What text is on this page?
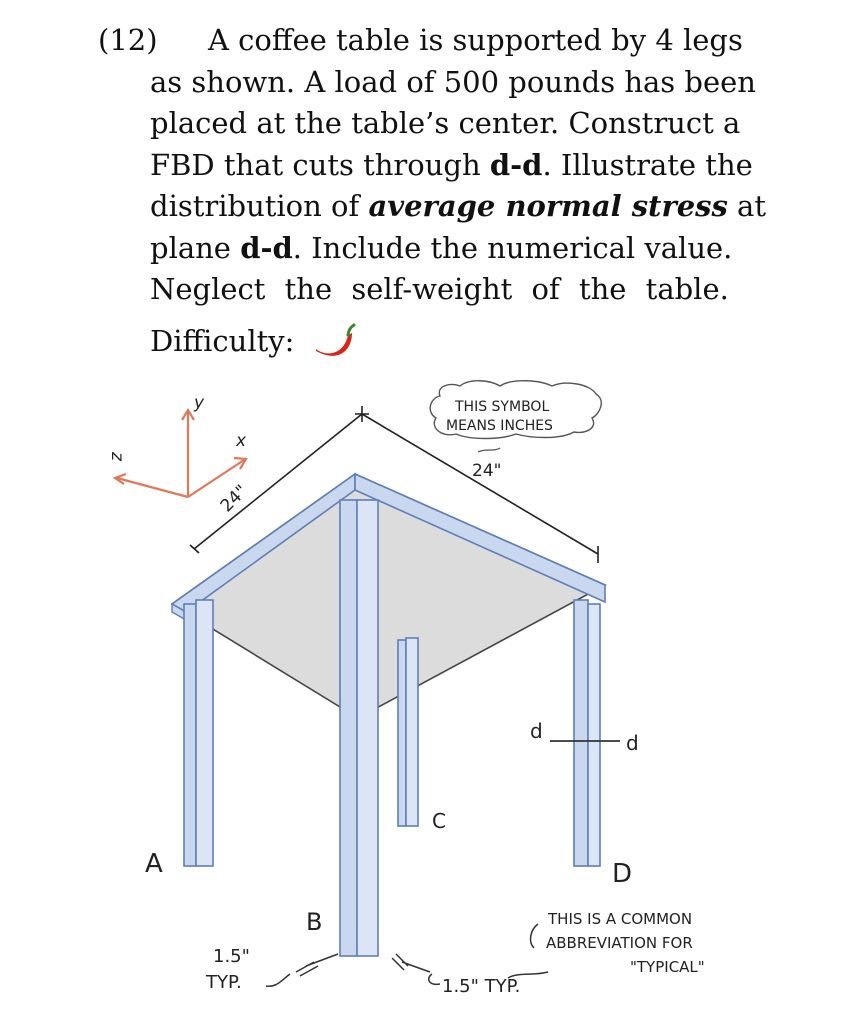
(12)	A coffee table is supported by 4 legs
as shown. A load of 500 pounds has been
placed at the table’s center. Construct a
FBD that cuts through d-d. Illustrate the
distribution of average normal stress at
plane d-d. Include the numerical value.
Neglect the self-weight of the table.
Difficulty:
y
x
z
24"
24"
THIS SYMBOL
MEANS INCHES
A
B
C
D
d	d
1.5"
TYP.	1.5" TYP.
THIS IS A COMMON
ABBREVIATION FOR
"TYPICAL"
